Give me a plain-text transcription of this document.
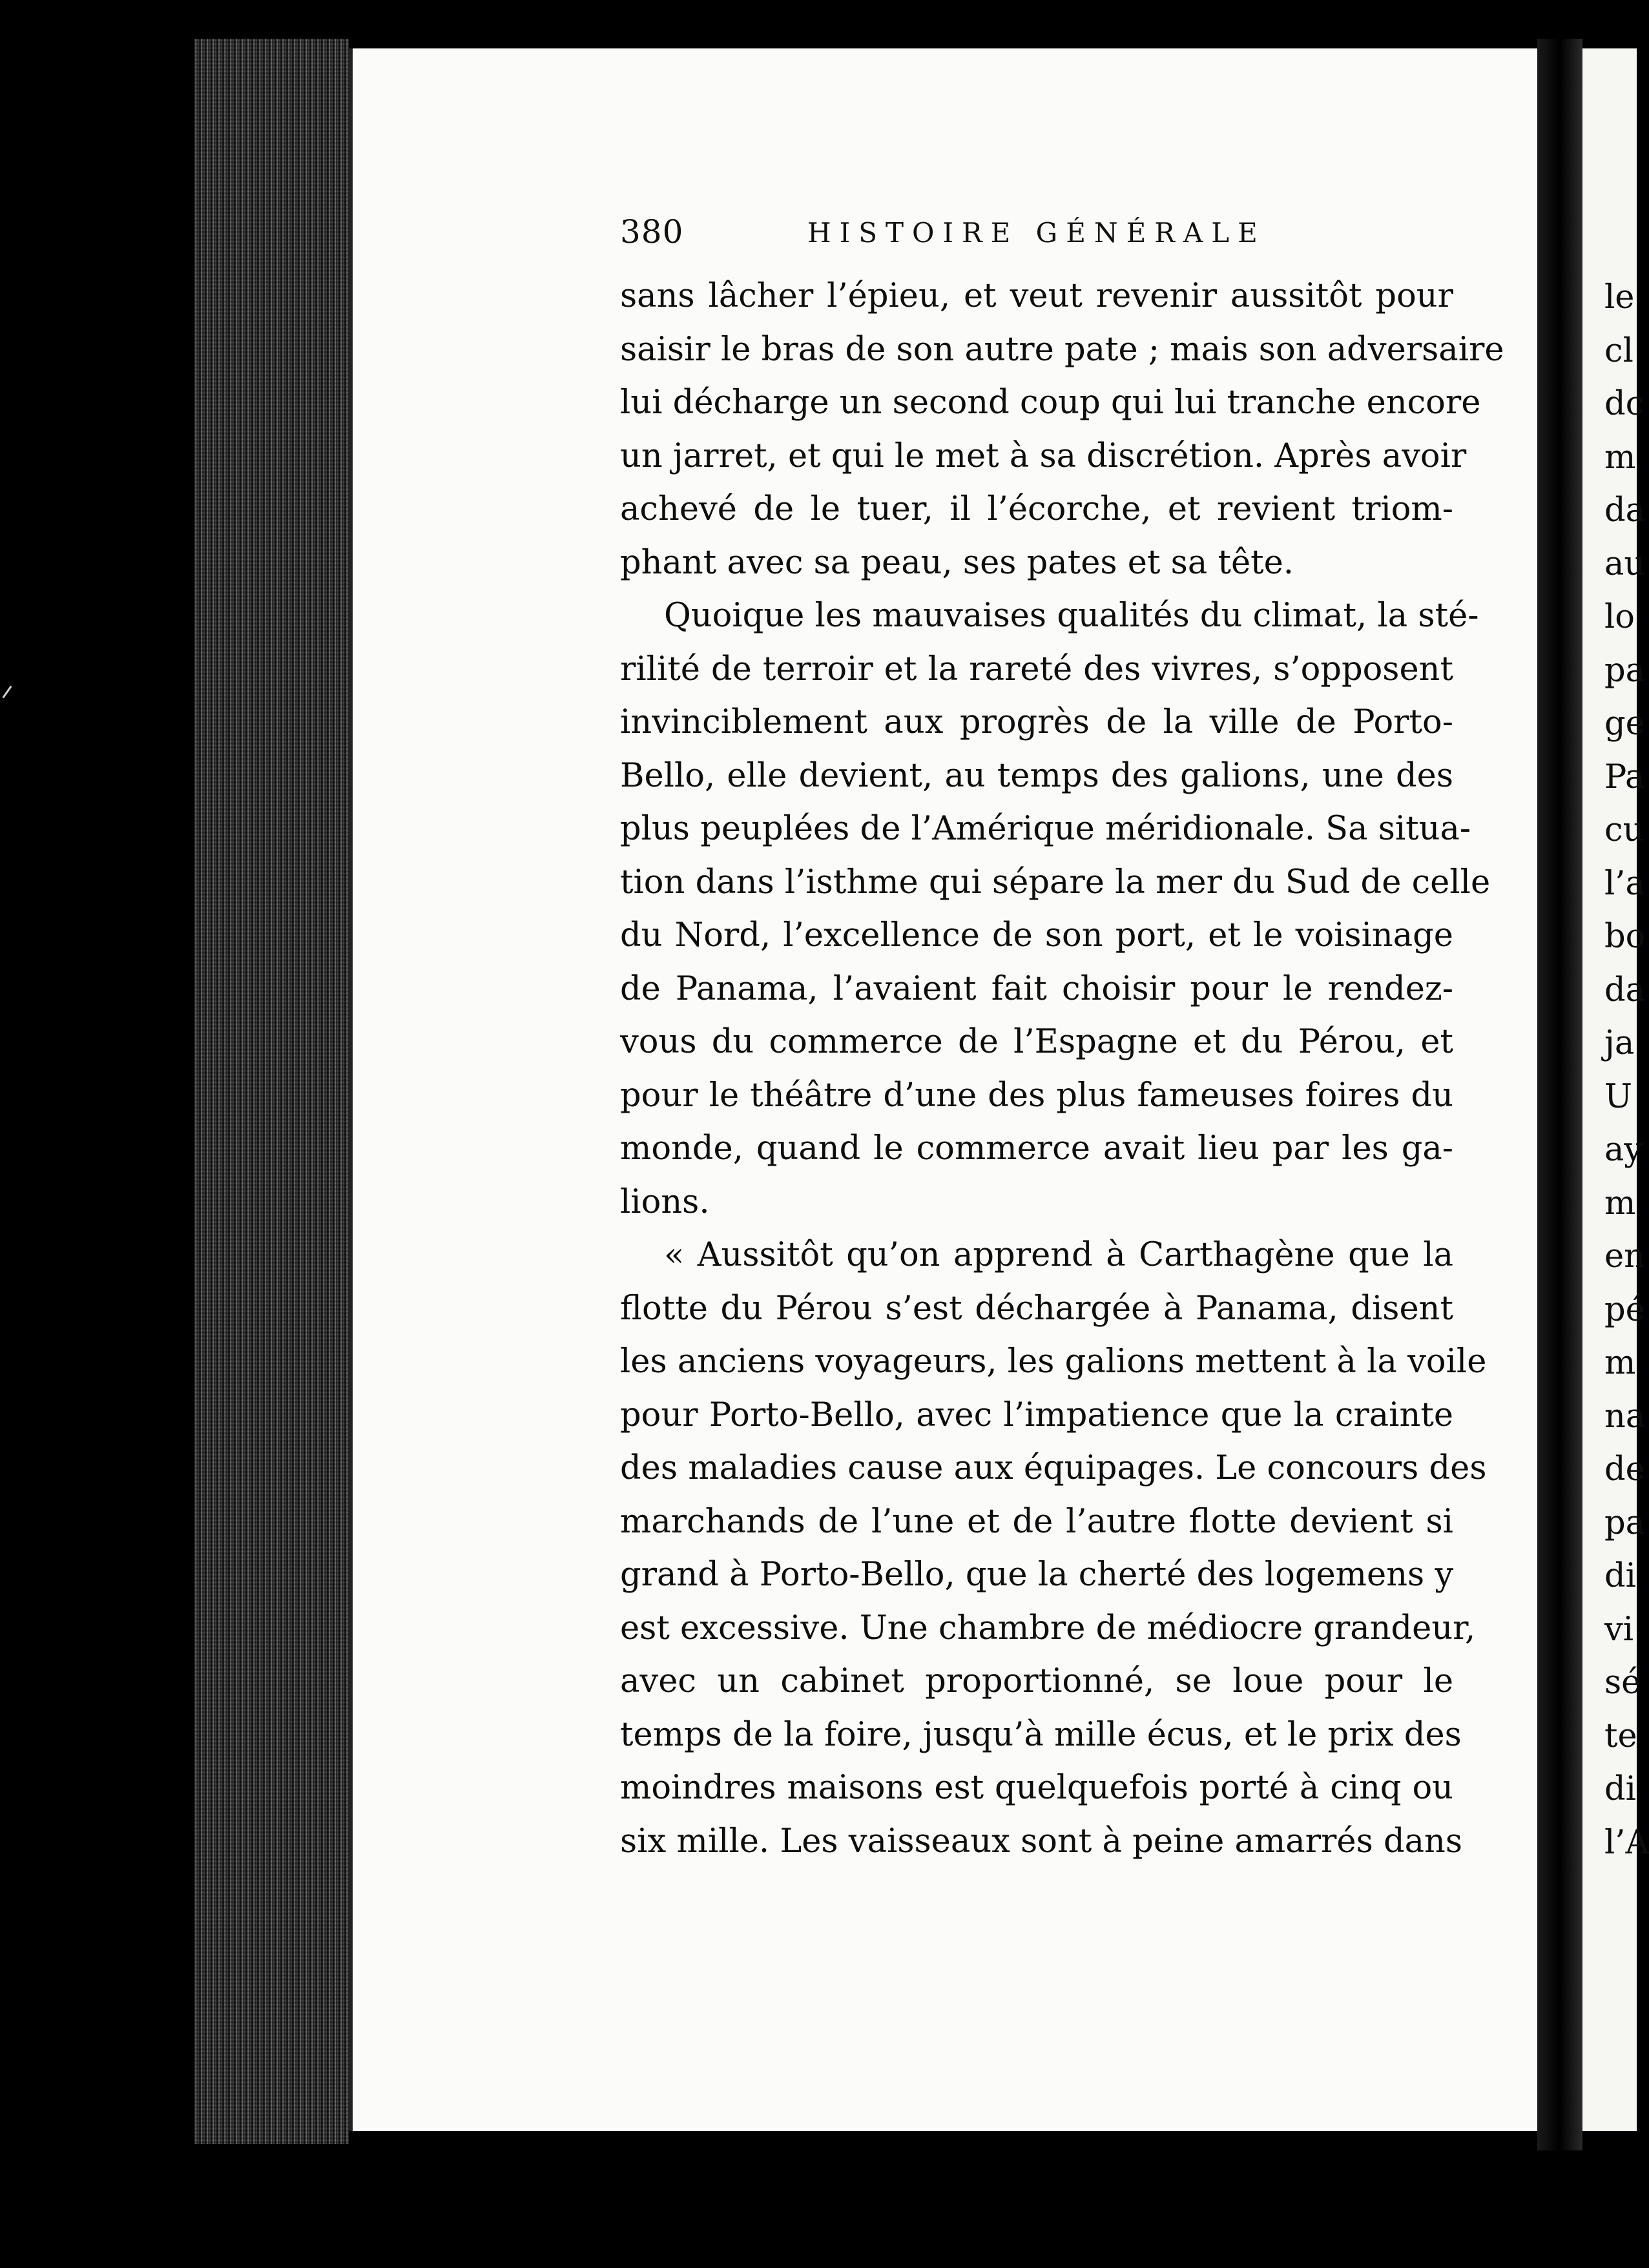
380	HISTOIRE GÉNÉRALE
sans lâcher l’épieu, et veut revenir aussitôt pour
saisir le bras de son autre pate ; mais son adversaire
lui décharge un second coup qui lui tranche encore
un jarret, et qui le met à sa discrétion. Après avoir
achevé de le tuer, il l’écorche, et revient triom-
phant avec sa peau, ses pates et sa tête.
Quoique les mauvaises qualités du climat, la sté-
rilité de terroir et la rareté des vivres, s’opposent
invinciblement aux progrès de la ville de Porto-
Bello, elle devient, au temps des galions, une des
plus peuplées de l’Amérique méridionale. Sa situa-
tion dans l’isthme qui sépare la mer du Sud de celle
du Nord, l’excellence de son port, et le voisinage
de Panama, l’avaient fait choisir pour le rendez-
vous du commerce de l’Espagne et du Pérou, et
pour le théâtre d’une des plus fameuses foires du
monde, quand le commerce avait lieu par les ga-
lions.
« Aussitôt qu’on apprend à Carthagène que la
flotte du Pérou s’est déchargée à Panama, disent
les anciens voyageurs, les galions mettent à la voile
pour Porto-Bello, avec l’impatience que la crainte
des maladies cause aux équipages. Le concours des
marchands de l’une et de l’autre flotte devient si
grand à Porto-Bello, que la cherté des logemens y
est excessive. Une chambre de médiocre grandeur,
avec un cabinet proportionné, se loue pour le
temps de la foire, jusqu’à mille écus, et le prix des
moindres maisons est quelquefois porté à cinq ou
six mille. Les vaisseaux sont à peine amarrés dans
le
cl
dc
m
da
au
lo
pa
ge
Pa
cu
l’a
bo
da
ja
U
ay
m
en
pé
m
na
de
pa
di
vi
sé
te
di
l’A
